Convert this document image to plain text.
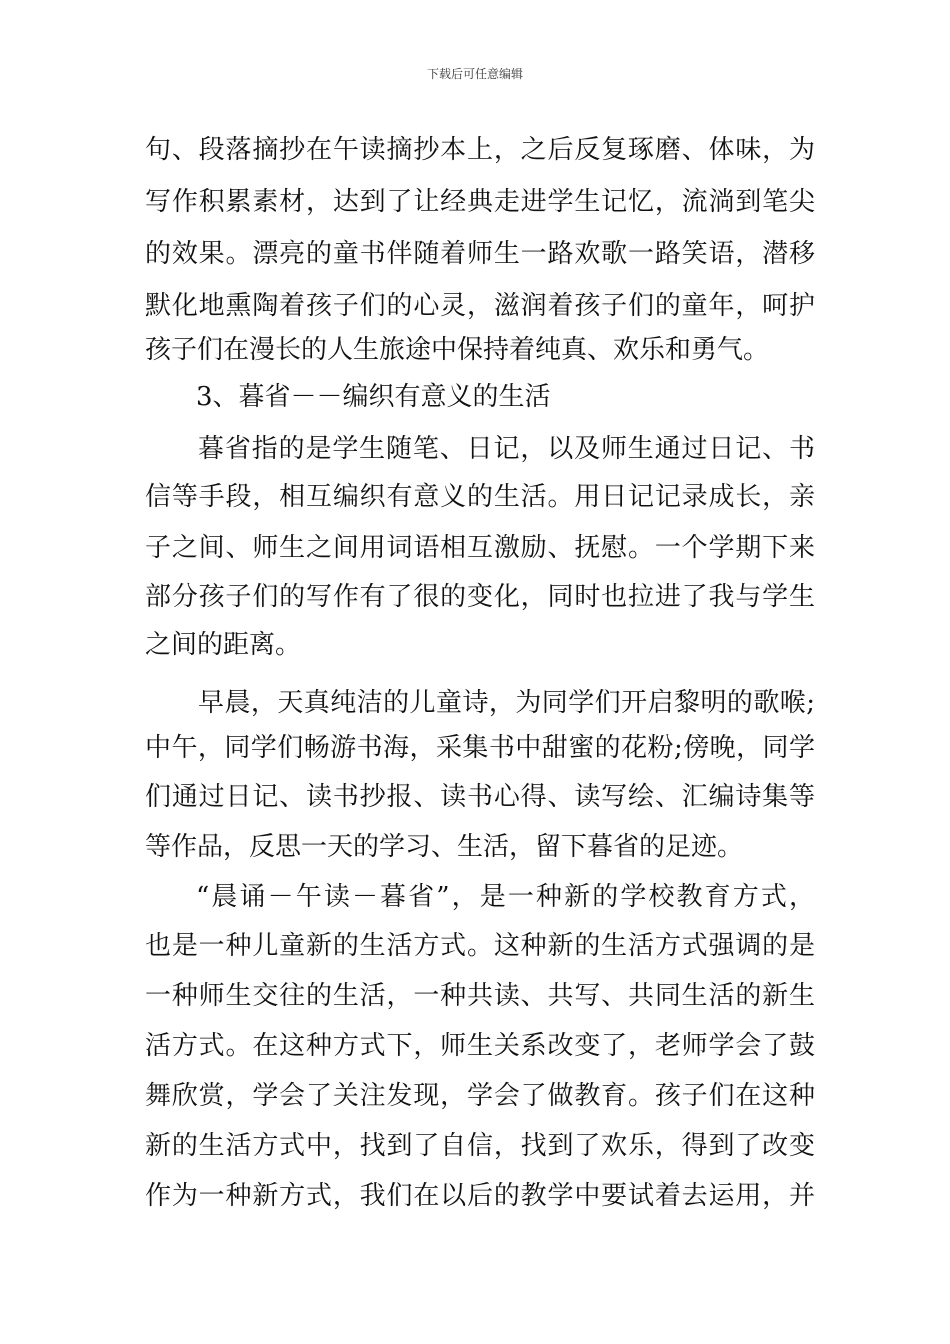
下载后可任意编辑
句、段落摘抄在午读摘抄本上，之后反复琢磨、体味，为
写作积累素材，达到了让经典走进学生记忆，流淌到笔尖
的效果。漂亮的童书伴随着师生一路欢歌一路笑语，潜移
默化地熏陶着孩子们的心灵，滋润着孩子们的童年，呵护
孩子们在漫长的人生旅途中保持着纯真、欢乐和勇气。
3、暮省－－编织有意义的生活
暮省指的是学生随笔、日记，以及师生通过日记、书
信等手段，相互编织有意义的生活。用日记记录成长，亲
子之间、师生之间用词语相互激励、抚慰。一个学期下来
部分孩子们的写作有了很的变化，同时也拉进了我与学生
之间的距离。
早晨，天真纯洁的儿童诗，为同学们开启黎明的歌喉;
中午，同学们畅游书海，采集书中甜蜜的花粉;傍晚，同学
们通过日记、读书抄报、读书心得、读写绘、汇编诗集等
等作品，反思一天的学习、生活，留下暮省的足迹。
“晨诵－午读－暮省”，是一种新的学校教育方式，
也是一种儿童新的生活方式。这种新的生活方式强调的是
一种师生交往的生活，一种共读、共写、共同生活的新生
活方式。在这种方式下，师生关系改变了，老师学会了鼓
舞欣赏，学会了关注发现，学会了做教育。孩子们在这种
新的生活方式中，找到了自信，找到了欢乐，得到了改变
作为一种新方式，我们在以后的教学中要试着去运用，并
